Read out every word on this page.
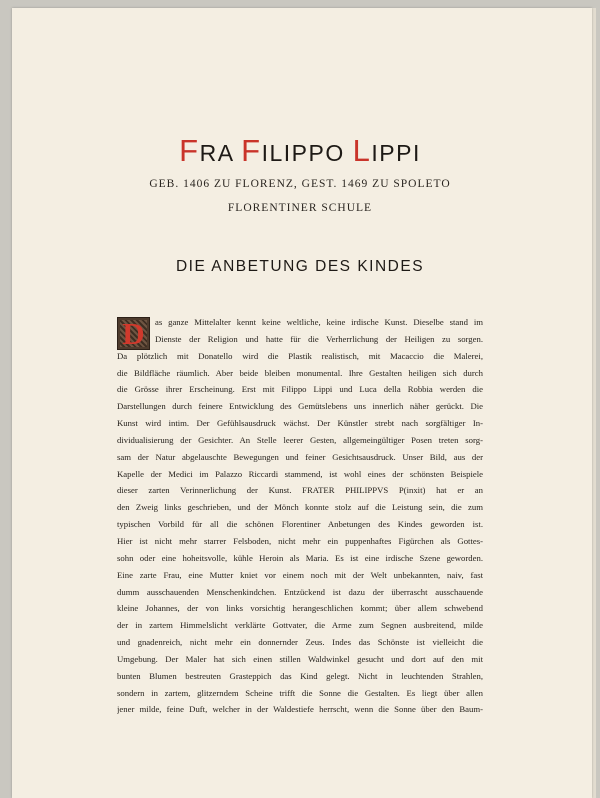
FRA FILIPPO LIPPI
GEB. 1406 ZU FLORENZ, GEST. 1469 ZU SPOLETO
FLORENTINER SCHULE
DIE ANBETUNG DES KINDES
D	as ganze Mittelalter kennt keine weltliche, keine irdische Kunst. Dieselbe stand im
Dienste der Religion und hatte für die Verherrlichung der Heiligen zu sorgen.
Da plötzlich mit Donatello wird die Plastik realistisch, mit Macaccio die Malerei,
die Bildfläche räumlich. Aber beide bleiben monumental. Ihre Gestalten heiligen sich durch
die Grösse ihrer Erscheinung. Erst mit Filippo Lippi und Luca della Robbia werden die
Darstellungen durch feinere Entwicklung des Gemütslebens uns innerlich näher gerückt. Die
Kunst wird intim. Der Gefühlsausdruck wächst. Der Künstler strebt nach sorgfältiger In-
dividualisierung der Gesichter. An Stelle leerer Gesten, allgemeingültiger Posen treten sorg-
sam der Natur abgelauschte Bewegungen und feiner Gesichtsausdruck. Unser Bild, aus der
Kapelle der Medici im Palazzo Riccardi stammend, ist wohl eines der schönsten Beispiele
dieser zarten Verinnerlichung der Kunst. FRATER PHILIPPVS P(inxit) hat er an
den Zweig links geschrieben, und der Mönch konnte stolz auf die Leistung sein, die zum
typischen Vorbild für all die schönen Florentiner Anbetungen des Kindes geworden ist.
Hier ist nicht mehr starrer Felsboden, nicht mehr ein puppenhaftes Figürchen als Gottes-
sohn oder eine hoheitsvolle, kühle Heroin als Maria. Es ist eine irdische Szene geworden.
Eine zarte Frau, eine Mutter kniet vor einem noch mit der Welt unbekannten, naiv, fast
dumm ausschauenden Menschenkindchen. Entzückend ist dazu der überrascht ausschauende
kleine Johannes, der von links vorsichtig herangeschlichen kommt; über allem schwebend
der in zartem Himmelslicht verklärte Gottvater, die Arme zum Segnen ausbreitend, milde
und gnadenreich, nicht mehr ein donnernder Zeus. Indes das Schönste ist vielleicht die
Umgebung. Der Maler hat sich einen stillen Waldwinkel gesucht und dort auf den mit
bunten Blumen bestreuten Grasteppich das Kind gelegt. Nicht in leuchtenden Strahlen,
sondern in zartem, glitzerndem Scheine trifft die Sonne die Gestalten. Es liegt über allen
jener milde, feine Duft, welcher in der Waldestiefe herrscht, wenn die Sonne über den Baum-
